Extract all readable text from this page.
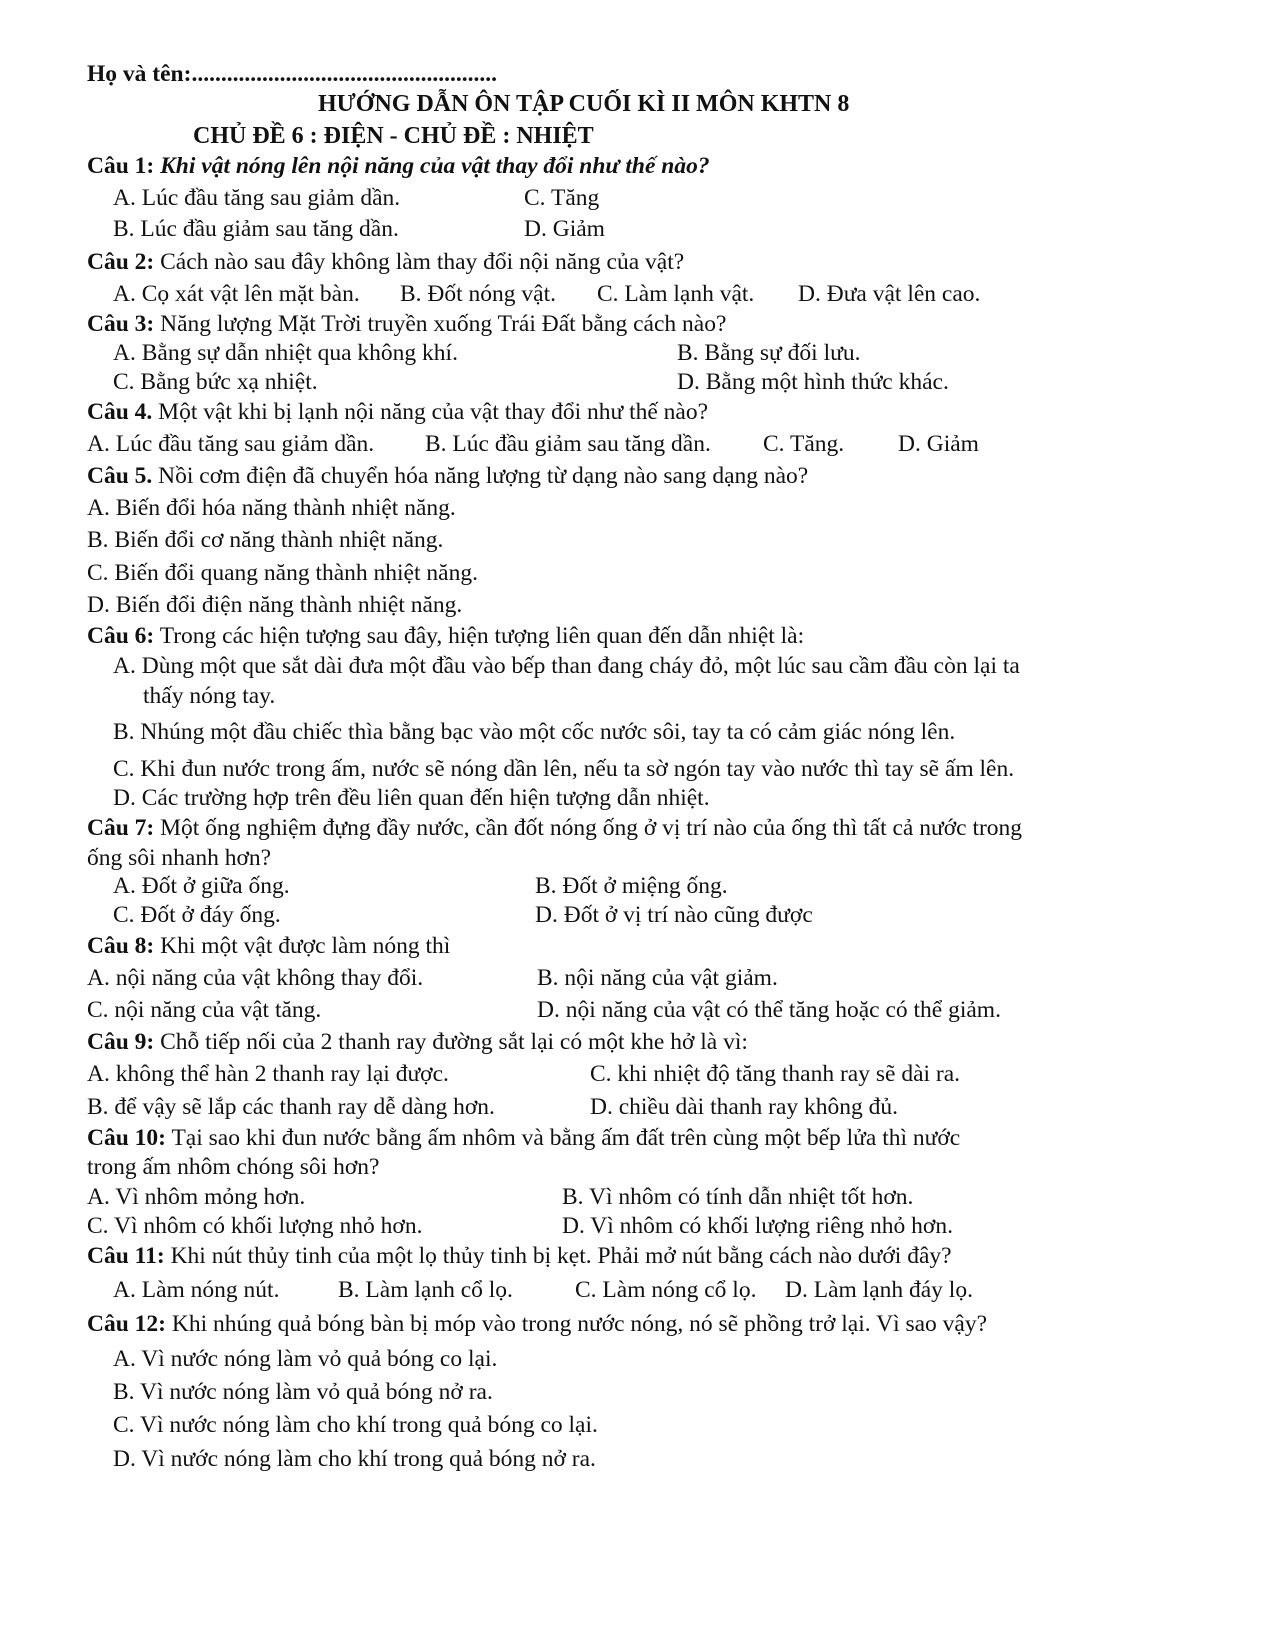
Họ và tên:....................................................
HƯỚNG DẪN ÔN TẬP CUỐI KÌ II MÔN KHTN 8
CHỦ ĐỀ 6 : ĐIỆN - CHỦ ĐỀ : NHIỆT
Câu 1: Khi vật nóng lên nội năng của vật thay đổi như thế nào?
A. Lúc đầu tăng sau giảm dần.	C. Tăng
B. Lúc đầu giảm sau tăng dần.	D. Giảm
Câu 2: Cách nào sau đây không làm thay đổi nội năng của vật?
A. Cọ xát vật lên mặt bàn. B. Đốt nóng vật. C. Làm lạnh vật. D. Đưa vật lên cao.
Câu 3: Năng lượng Mặt Trời truyền xuống Trái Đất bằng cách nào?
A. Bằng sự dẫn nhiệt qua không khí.	B. Bằng sự đối lưu.
C. Bằng bức xạ nhiệt.	D. Bằng một hình thức khác.
Câu 4. Một vật khi bị lạnh nội năng của vật thay đổi như thế nào?
A. Lúc đầu tăng sau giảm dần. B. Lúc đầu giảm sau tăng dần. C. Tăng. D. Giảm
Câu 5. Nồi cơm điện đã chuyển hóa năng lượng từ dạng nào sang dạng nào?
A. Biến đổi hóa năng thành nhiệt năng.
B. Biến đổi cơ năng thành nhiệt năng.
C. Biến đổi quang năng thành nhiệt năng.
D. Biến đổi điện năng thành nhiệt năng.
Câu 6: Trong các hiện tượng sau đây, hiện tượng liên quan đến dẫn nhiệt là:
A. Dùng một que sắt dài đưa một đầu vào bếp than đang cháy đỏ, một lúc sau cầm đầu còn lại ta
thấy nóng tay.
B. Nhúng một đầu chiếc thìa bằng bạc vào một cốc nước sôi, tay ta có cảm giác nóng lên.
C. Khi đun nước trong ấm, nước sẽ nóng dần lên, nếu ta sờ ngón tay vào nước thì tay sẽ ấm lên.
D. Các trường hợp trên đều liên quan đến hiện tượng dẫn nhiệt.
Câu 7: Một ống nghiệm đựng đầy nước, cần đốt nóng ống ở vị trí nào của ống thì tất cả nước trong
ống sôi nhanh hơn?
A. Đốt ở giữa ống.	B. Đốt ở miệng ống.
C. Đốt ở đáy ống.	D. Đốt ở vị trí nào cũng được
Câu 8: Khi một vật được làm nóng thì
A. nội năng của vật không thay đổi.	B. nội năng của vật giảm.
C. nội năng của vật tăng.	D. nội năng của vật có thể tăng hoặc có thể giảm.
Câu 9: Chỗ tiếp nối của 2 thanh ray đường sắt lại có một khe hở là vì:
A. không thể hàn 2 thanh ray lại được.	C. khi nhiệt độ tăng thanh ray sẽ dài ra.
B. để vậy sẽ lắp các thanh ray dễ dàng hơn.	D. chiều dài thanh ray không đủ.
Câu 10: Tại sao khi đun nước bằng ấm nhôm và bằng ấm đất trên cùng một bếp lửa thì nước
trong ấm nhôm chóng sôi hơn?
A. Vì nhôm mỏng hơn.	B. Vì nhôm có tính dẫn nhiệt tốt hơn.
C. Vì nhôm có khối lượng nhỏ hơn.	D. Vì nhôm có khối lượng riêng nhỏ hơn.
Câu 11: Khi nút thủy tinh của một lọ thủy tinh bị kẹt. Phải mở nút bằng cách nào dưới đây?
A. Làm nóng nút. B. Làm lạnh cổ lọ.	C. Làm nóng cổ lọ. D. Làm lạnh đáy lọ.
Câu 12: Khi nhúng quả bóng bàn bị móp vào trong nước nóng, nó sẽ phồng trở lại. Vì sao vậy?
A. Vì nước nóng làm vỏ quả bóng co lại.
B. Vì nước nóng làm vỏ quả bóng nở ra.
C. Vì nước nóng làm cho khí trong quả bóng co lại.
D. Vì nước nóng làm cho khí trong quả bóng nở ra.
